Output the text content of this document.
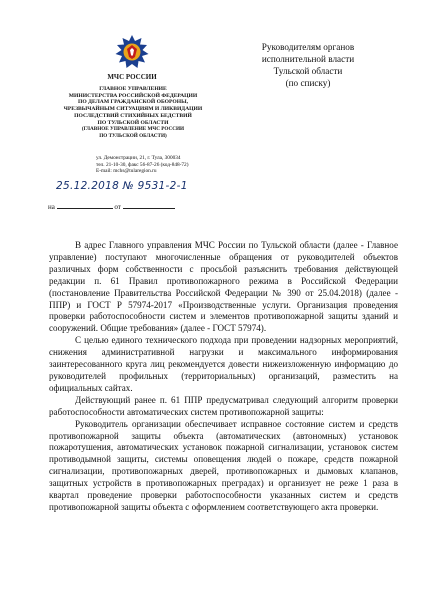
МЧС РОССИИ
ГЛАВНОЕ УПРАВЛЕНИЕ
МИНИСТЕРСТВА РОССИЙСКОЙ ФЕДЕРАЦИИ
ПО ДЕЛАМ ГРАЖДАНСКОЙ ОБОРОНЫ,
ЧРЕЗВЫЧАЙНЫМ СИТУАЦИЯМ И ЛИКВИДАЦИИ
ПОСЛЕДСТВИЙ СТИХИЙНЫХ БЕДСТВИЙ
ПО ТУЛЬСКОЙ ОБЛАСТИ
(ГЛАВНОЕ УПРАВЛЕНИЕ МЧС РОССИИ
ПО ТУЛЬСКОЙ ОБЛАСТИ)
ул. Демонстрации, 21, г. Тула, 300034
тел. 21-10-30, факс 56-87-26 (код-848-72)
E-mail: mchs@tularegion.ru
25.12.2018 № 9531-2-1
на	от
Руководителям органов
исполнительной власти
Тульской области
(по списку)

В адрес Главного управления МЧС России по Тульской области (далее - Главное управление) поступают многочисленные обращения от руководителей объектов различных форм собственности с просьбой разъяснить требования действующей редакции п. 61 Правил противопожарного режима в Российской Федерации (постановление Правительства Российской Федерации № 390 от 25.04.2018) (далее - ППР) и ГОСТ Р 57974-2017 «Производственные услуги. Организация проведения проверки работоспособности систем и элементов противопожарной защиты зданий и сооружений. Общие требования» (далее - ГОСТ 57974).

С целью единого технического подхода при проведении надзорных мероприятий, снижения административной нагрузки и максимального информирования заинтересованного круга лиц рекомендуется довести нижеизложенную информацию до руководителей профильных (территориальных) организаций, разместить на официальных сайтах.

Действующий ранее п. 61 ППР предусматривал следующий алгоритм проверки работоспособности автоматических систем противопожарной защиты:

Руководитель организации обеспечивает исправное состояние систем и средств противопожарной защиты объекта (автоматических (автономных) установок пожаротушения, автоматических установок пожарной сигнализации, установок систем противодымной защиты, системы оповещения людей о пожаре, средств пожарной сигнализации, противопожарных дверей, противопожарных и дымовых клапанов, защитных устройств в противопожарных преградах) и организует не реже 1 раза в квартал проведение проверки работоспособности указанных систем и средств противопожарной защиты объекта с оформлением соответствующего акта проверки.
